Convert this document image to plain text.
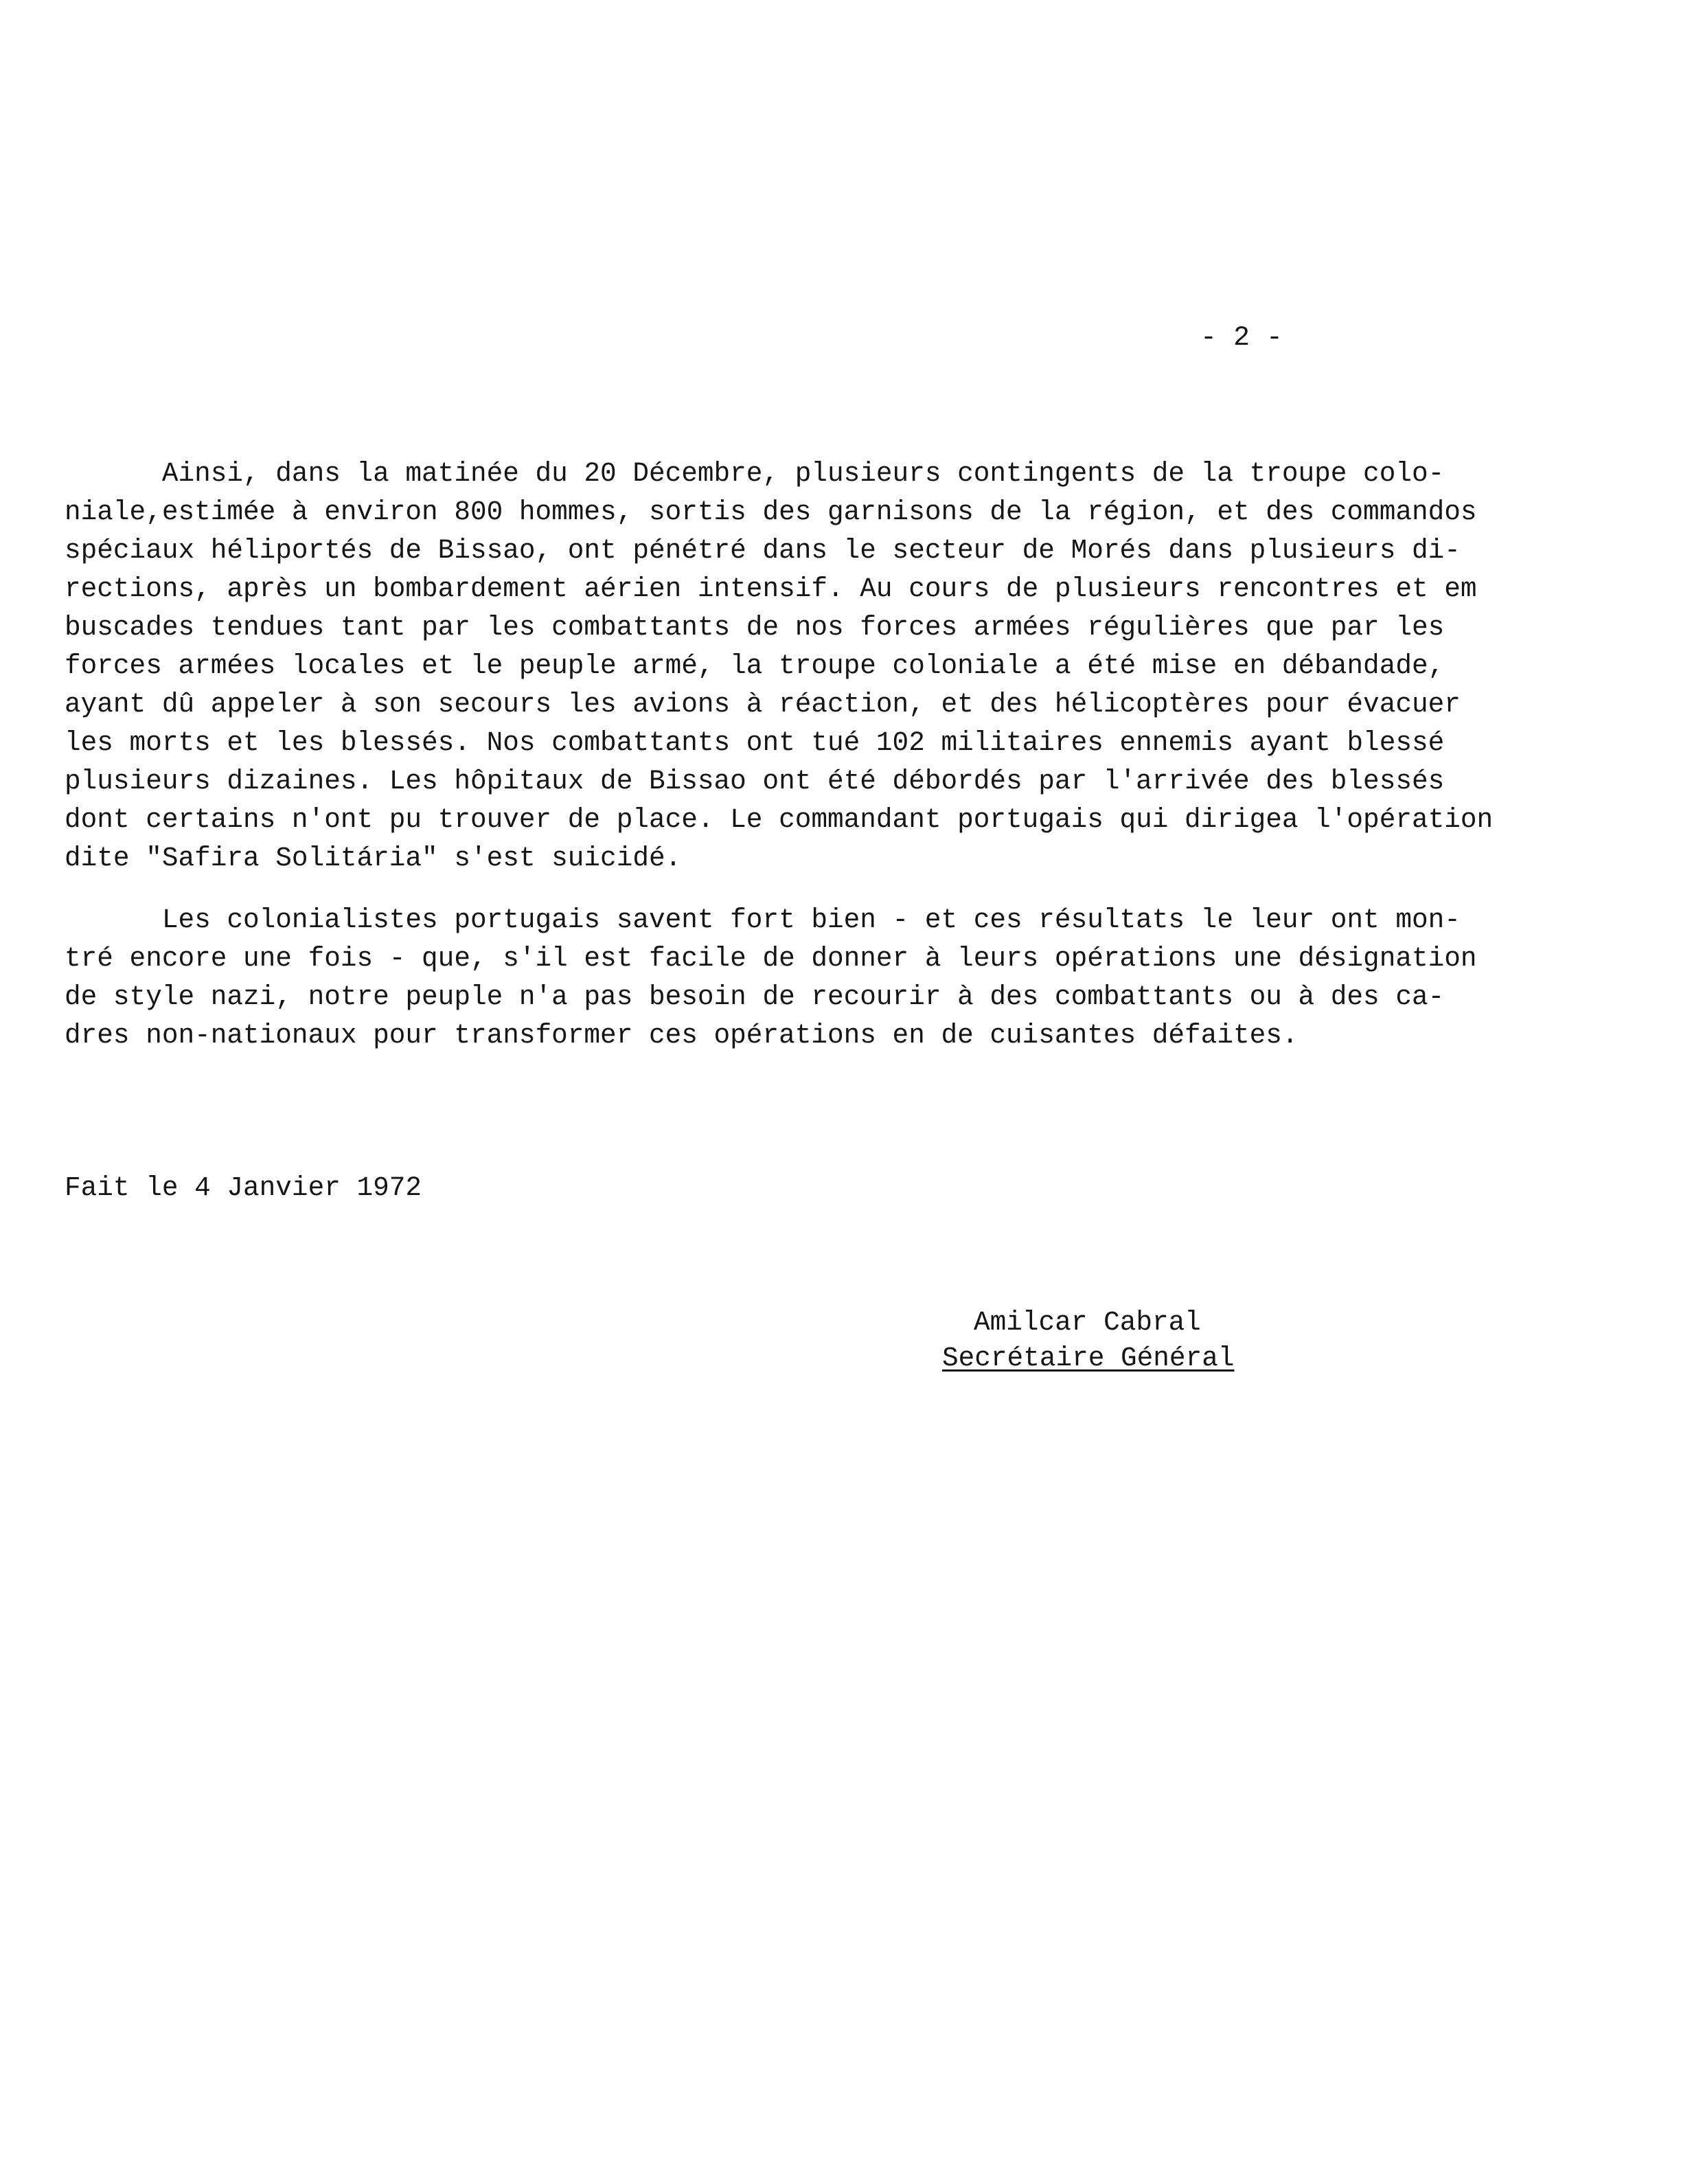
- 2 -
Ainsi, dans la matinée du 20 Décembre, plusieurs contingents de la troupe colo-
niale,estimée à environ 800 hommes, sortis des garnisons de la région, et des commandos
spéciaux héliportés de Bissao, ont pénétré dans le secteur de Morés dans plusieurs di-
rections, après un bombardement aérien intensif. Au cours de plusieurs rencontres et em
buscades tendues tant par les combattants de nos forces armées régulières que par les
forces armées locales et le peuple armé, la troupe coloniale a été mise en débandade,
ayant dû appeler à son secours les avions à réaction, et des hélicoptères pour évacuer
les morts et les blessés. Nos combattants ont tué 102 militaires ennemis ayant blessé
plusieurs dizaines. Les hôpitaux de Bissao ont été débordés par l'arrivée des blessés
dont certains n'ont pu trouver de place. Le commandant portugais qui dirigea l'opération
dite "Safira Solitária" s'est suicidé.
Les colonialistes portugais savent fort bien - et ces résultats le leur ont mon-
tré encore une fois - que, s'il est facile de donner à leurs opérations une désignation
de style nazi, notre peuple n'a pas besoin de recourir à des combattants ou à des ca-
dres non-nationaux pour transformer ces opérations en de cuisantes défaites.
Fait le 4 Janvier 1972
Amilcar Cabral
Secrétaire Général
